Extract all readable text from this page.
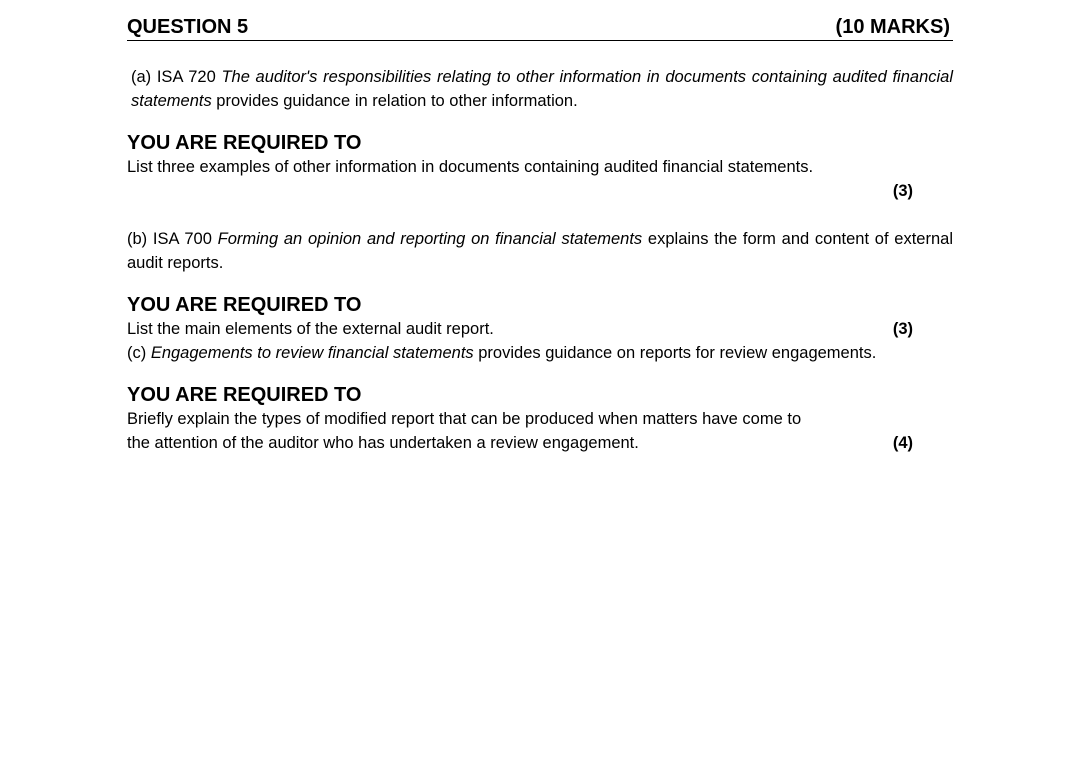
QUESTION 5	(10 MARKS)

(a) ISA 720 The auditor's responsibilities relating to other information in documents containing audited financial statements provides guidance in relation to other information.

YOU ARE REQUIRED TO

List three examples of other information in documents containing audited financial statements.

(3)

(b) ISA 700 Forming an opinion and reporting on financial statements explains the form and content of external audit reports.

YOU ARE REQUIRED TO
List the main elements of the external audit report.	(3)

(c) Engagements to review financial statements provides guidance on reports for review engagements.

YOU ARE REQUIRED TO
Briefly explain the types of modified report that can be produced when matters have come to
the attention of the auditor who has undertaken a review engagement.	(4)
